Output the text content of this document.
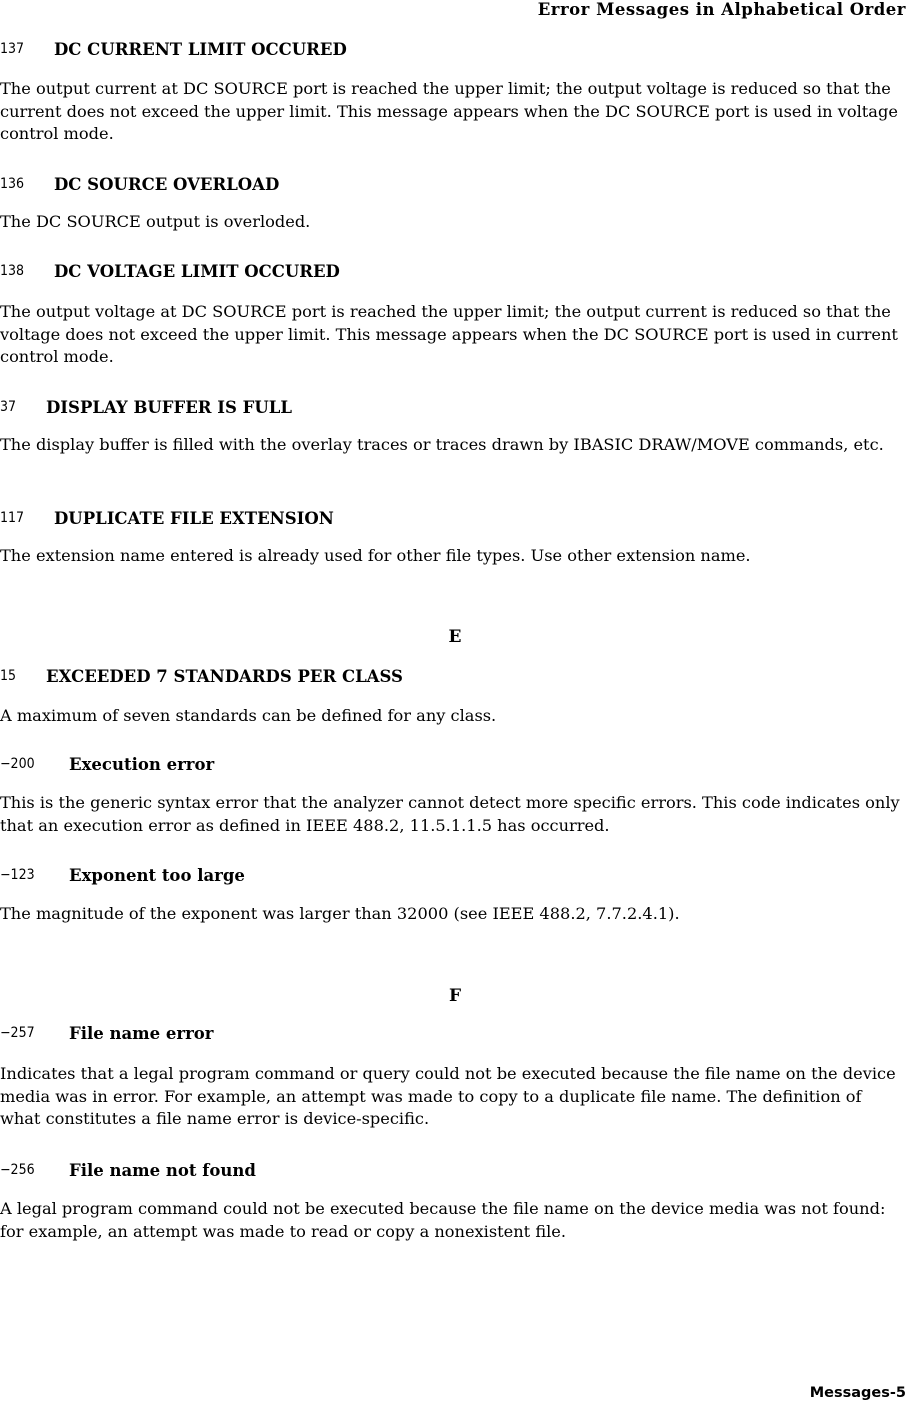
Error Messages in Alphabetical Order
137 DC CURRENT LIMIT OCCURED

The output current at DC SOURCE port is reached the upper limit; the output voltage is reduced so that the current does not exceed the upper limit. This message appears when the DC SOURCE port is used in voltage control mode.

136 DC SOURCE OVERLOAD

The DC SOURCE output is overloded.

138 DC VOLTAGE LIMIT OCCURED

The output voltage at DC SOURCE port is reached the upper limit; the output current is reduced so that the voltage does not exceed the upper limit. This message appears when the DC SOURCE port is used in current control mode.

37 DISPLAY BUFFER IS FULL

The display buffer is filled with the overlay traces or traces drawn by IBASIC DRAW/MOVE commands, etc.

117 DUPLICATE FILE EXTENSION

The extension name entered is already used for other file types. Use other extension name.

E
15 EXCEEDED 7 STANDARDS PER CLASS

A maximum of seven standards can be defined for any class.

−200 Execution error

This is the generic syntax error that the analyzer cannot detect more specific errors. This code indicates only that an execution error as defined in IEEE 488.2, 11.5.1.1.5 has occurred.

−123 Exponent too large

The magnitude of the exponent was larger than 32000 (see IEEE 488.2, 7.7.2.4.1).

F
−257 File name error

Indicates that a legal program command or query could not be executed because the file name on the device media was in error. For example, an attempt was made to copy to a duplicate file name. The definition of what constitutes a file name error is device-specific.

−256 File name not found

A legal program command could not be executed because the file name on the device media was not found: for example, an attempt was made to read or copy a nonexistent file.

Messages-5
